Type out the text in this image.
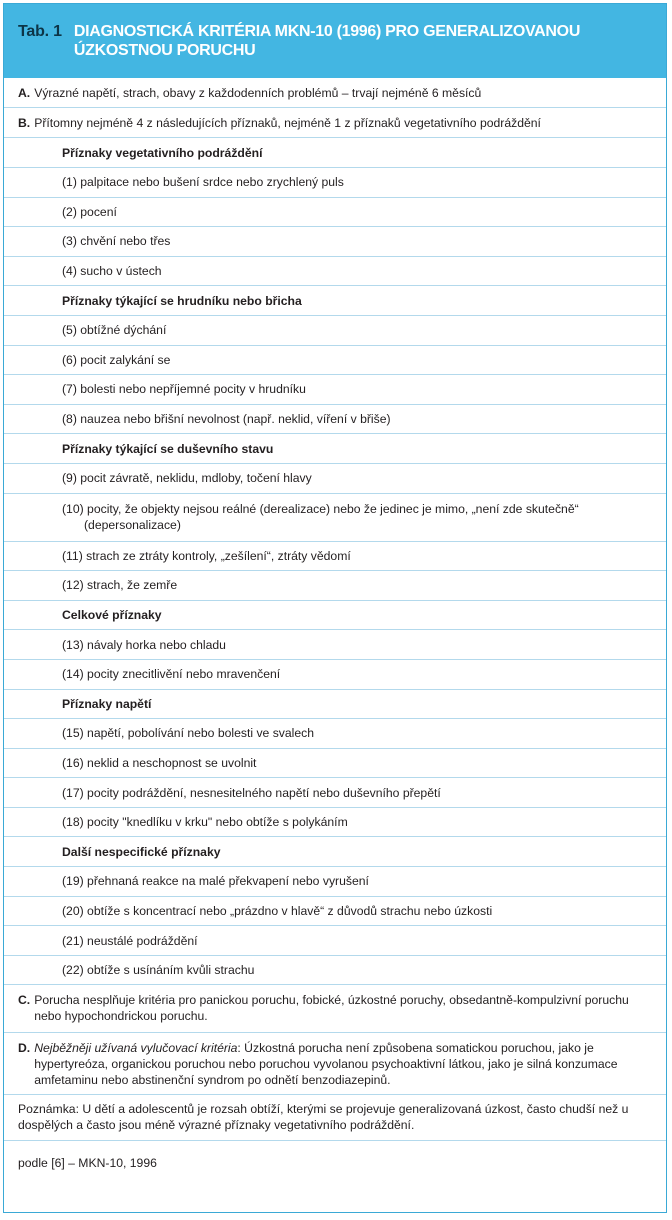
Tab. 1 DIAGNOSTICKÁ KRITÉRIA MKN-10 (1996) PRO GENERALIZOVANOU
ÚZKOSTNOU PORUCHU
A. Výrazné napětí, strach, obavy z každodenních problémů – trvají nejméně 6 měsíců
B. Přítomny nejméně 4 z následujících příznaků, nejméně 1 z příznaků vegetativního podráždění
Příznaky vegetativního podráždění
(1) palpitace nebo bušení srdce nebo zrychlený puls
(2) pocení
(3) chvění nebo třes
(4) sucho v ústech
Příznaky týkající se hrudníku nebo břicha
(5) obtížné dýchání
(6) pocit zalykání se
(7) bolesti nebo nepříjemné pocity v hrudníku
(8) nauzea nebo břišní nevolnost (např. neklid, víření v břiše)
Příznaky týkající se duševního stavu
(9) pocit závratě, neklidu, mdloby, točení hlavy
(10) pocity, že objekty nejsou reálné (derealizace) nebo že jedinec je mimo, „není zde skutečně“ (depersonalizace)
(11) strach ze ztráty kontroly, „zešílení“, ztráty vědomí
(12) strach, že zemře
Celkové příznaky
(13) návaly horka nebo chladu
(14) pocity znecitlivění nebo mravenčení
Příznaky napětí
(15) napětí, pobolívání nebo bolesti ve svalech
(16) neklid a neschopnost se uvolnit
(17) pocity podráždění, nesnesitelného napětí nebo duševního přepětí
(18) pocity "knedlíku v krku" nebo obtíže s polykáním
Další nespecifické příznaky
(19) přehnaná reakce na malé překvapení nebo vyrušení
(20) obtíže s koncentrací nebo „prázdno v hlavě“ z důvodů strachu nebo úzkosti
(21) neustálé podráždění
(22) obtíže s usínáním kvůli strachu
C. Porucha nesplňuje kritéria pro panickou poruchu, fobické, úzkostné poruchy, obsedantně-kompulzivní poruchu nebo hypochondrickou poruchu.
D. Nejběžněji užívaná vylučovací kritéria: Úzkostná porucha není způsobena somatickou poruchou, jako je hypertyreóza, organickou poruchou nebo poruchou vyvolanou psychoaktivní látkou, jako je silná konzumace amfetaminu nebo abstinenční syndrom po odnětí benzodiazepinů.
Poznámka: U dětí a adolescentů je rozsah obtíží, kterými se projevuje generalizovaná úzkost, často chudší než u dospělých a často jsou méně výrazné příznaky vegetativního podráždění.
podle [6] – MKN-10, 1996
